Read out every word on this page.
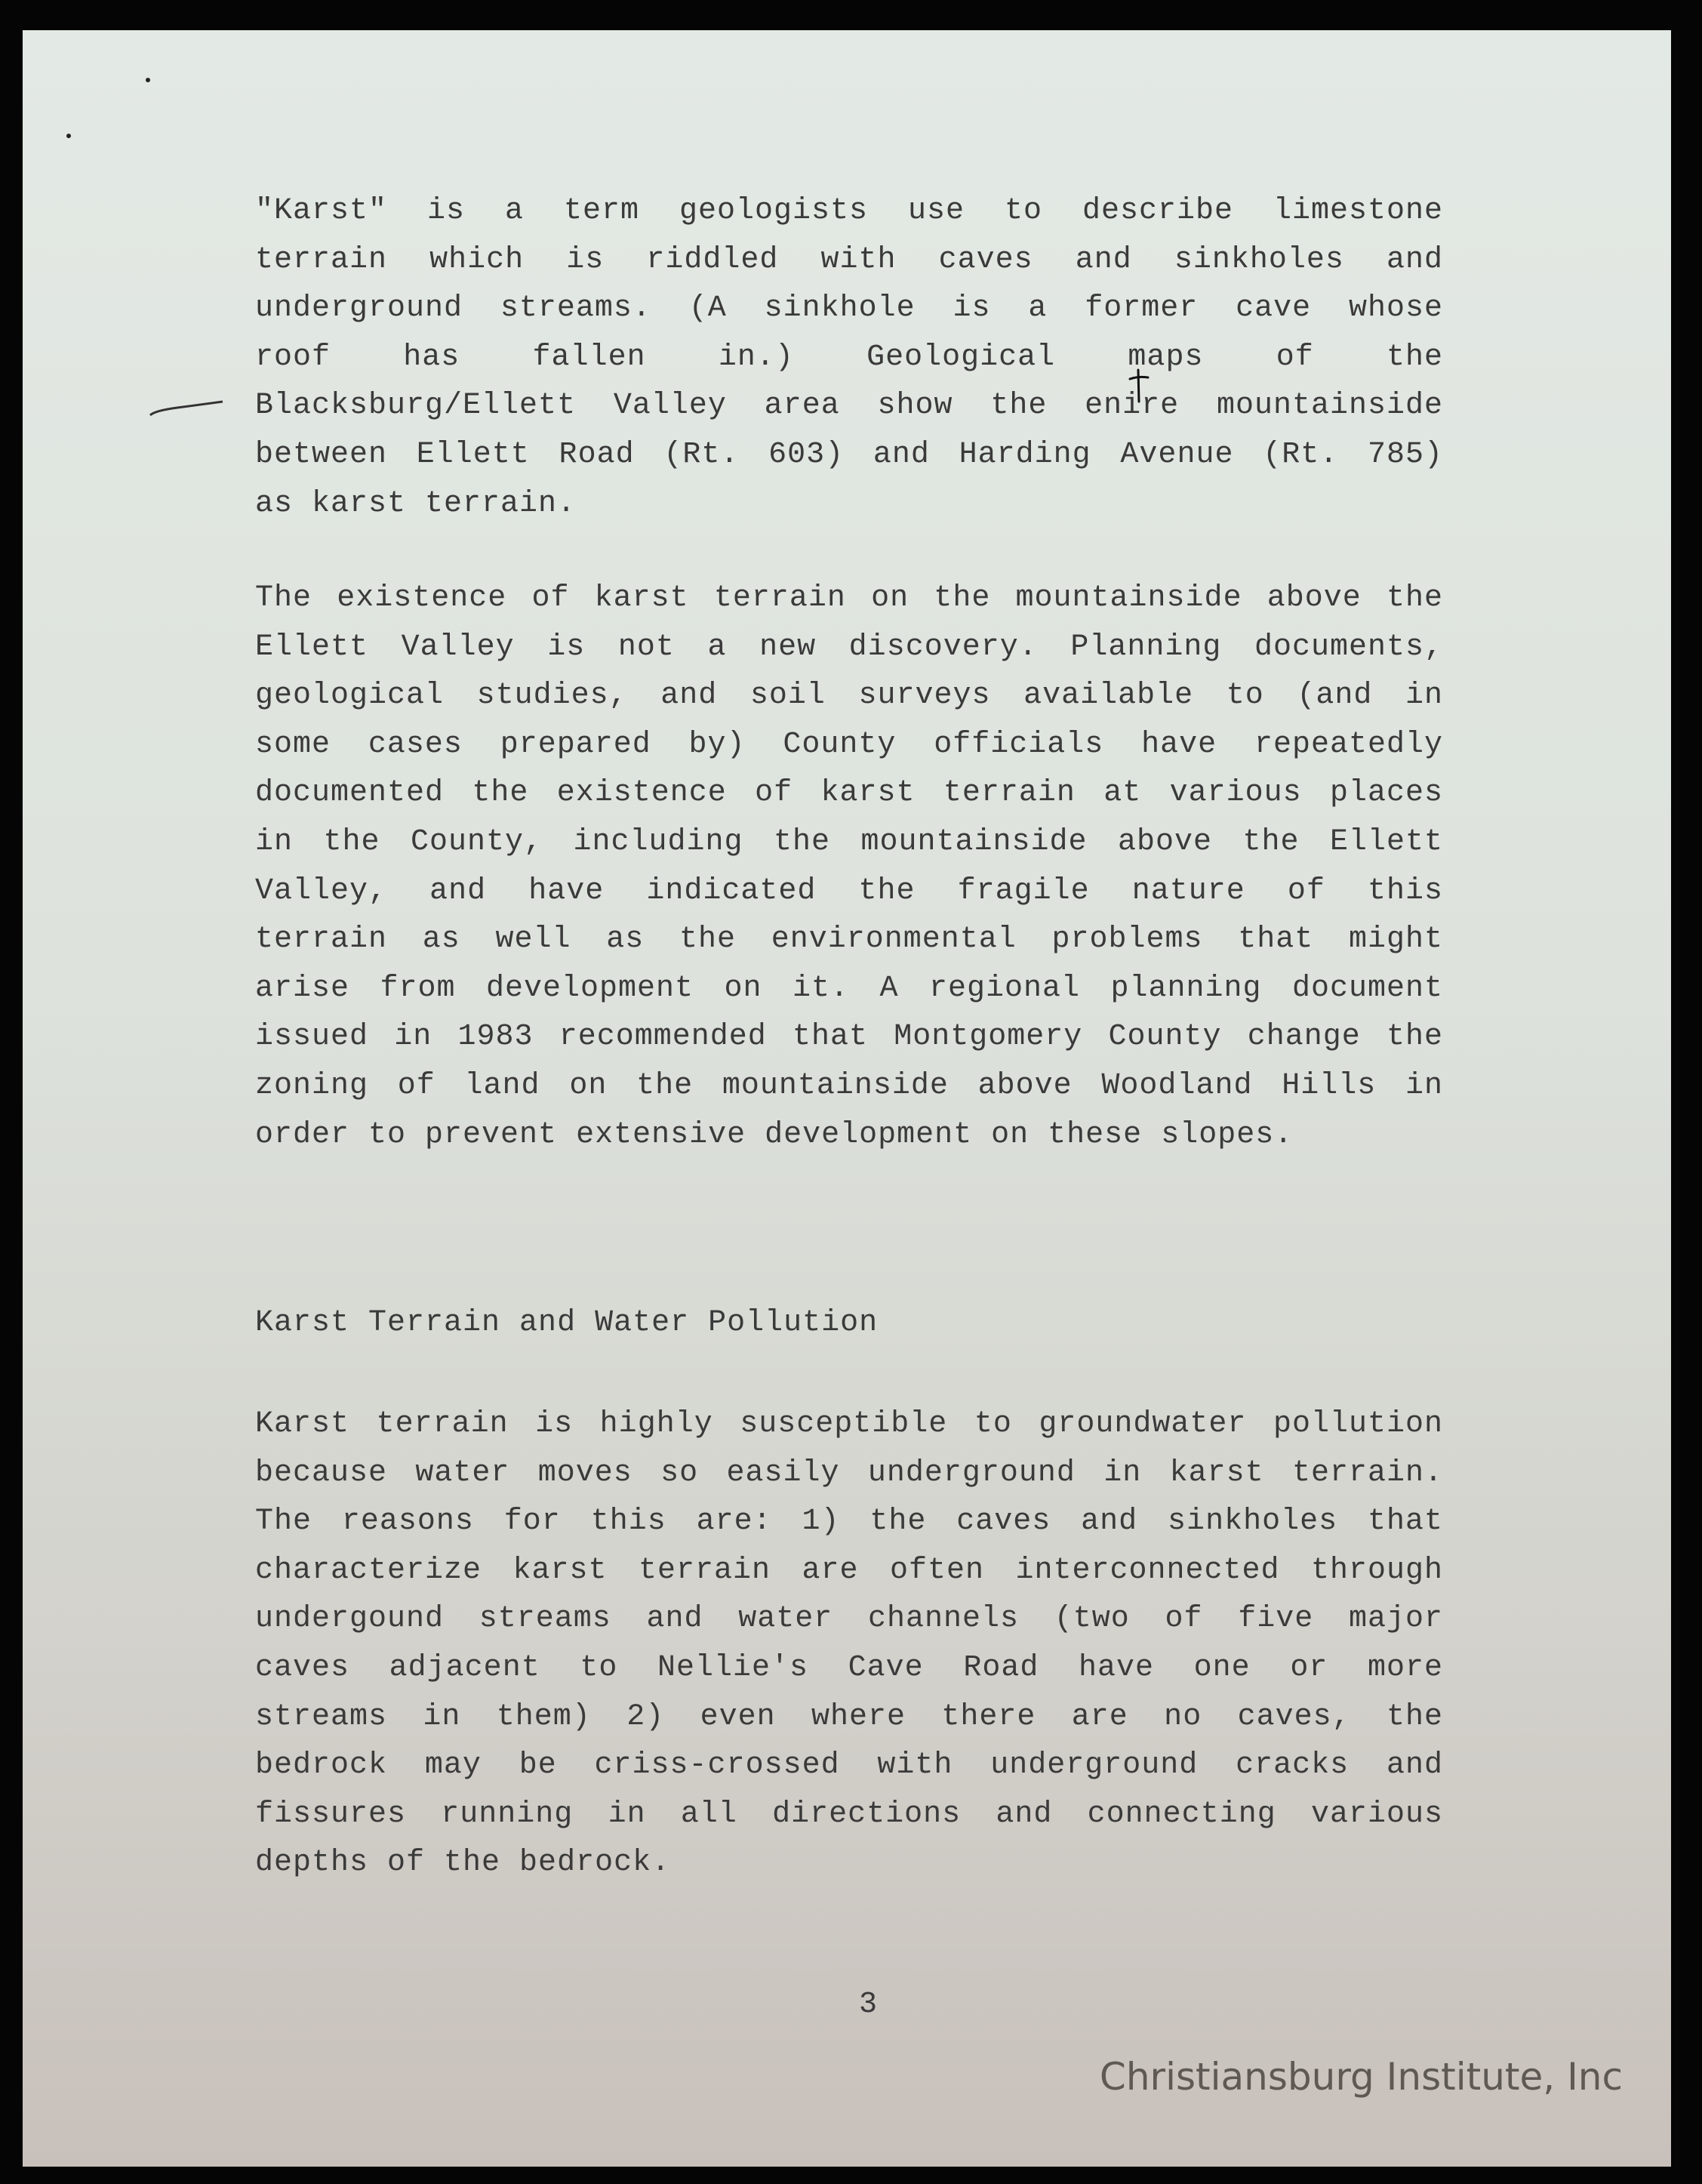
"Karst" is a term geologists use to describe limestone
terrain which is riddled with caves and sinkholes and
underground streams. (A sinkhole is a former cave whose
roof has fallen in.) Geological maps of the
Blacksburg/Ellett Valley area show the enire mountainside
between Ellett Road (Rt. 603) and Harding Avenue (Rt. 785)
as karst terrain.
The existence of karst terrain on the mountainside above the
Ellett Valley is not a new discovery. Planning documents,
geological studies, and soil surveys available to (and in
some cases prepared by) County officials have repeatedly
documented the existence of karst terrain at various places
in the County, including the mountainside above the Ellett
Valley, and have indicated the fragile nature of this
terrain as well as the environmental problems that might
arise from development on it. A regional planning document
issued in 1983 recommended that Montgomery County change the
zoning of land on the mountainside above Woodland Hills in
order to prevent extensive development on these slopes.
Karst Terrain and Water Pollution
Karst terrain is highly susceptible to groundwater pollution
because water moves so easily underground in karst terrain.
The reasons for this are: 1) the caves and sinkholes that
characterize karst terrain are often interconnected through
undergound streams and water channels (two of five major
caves adjacent to Nellie's Cave Road have one or more
streams in them) 2) even where there are no caves, the
bedrock may be criss-crossed with underground cracks and
fissures running in all directions and connecting various
depths of the bedrock.
3
Christiansburg Institute, Inc
